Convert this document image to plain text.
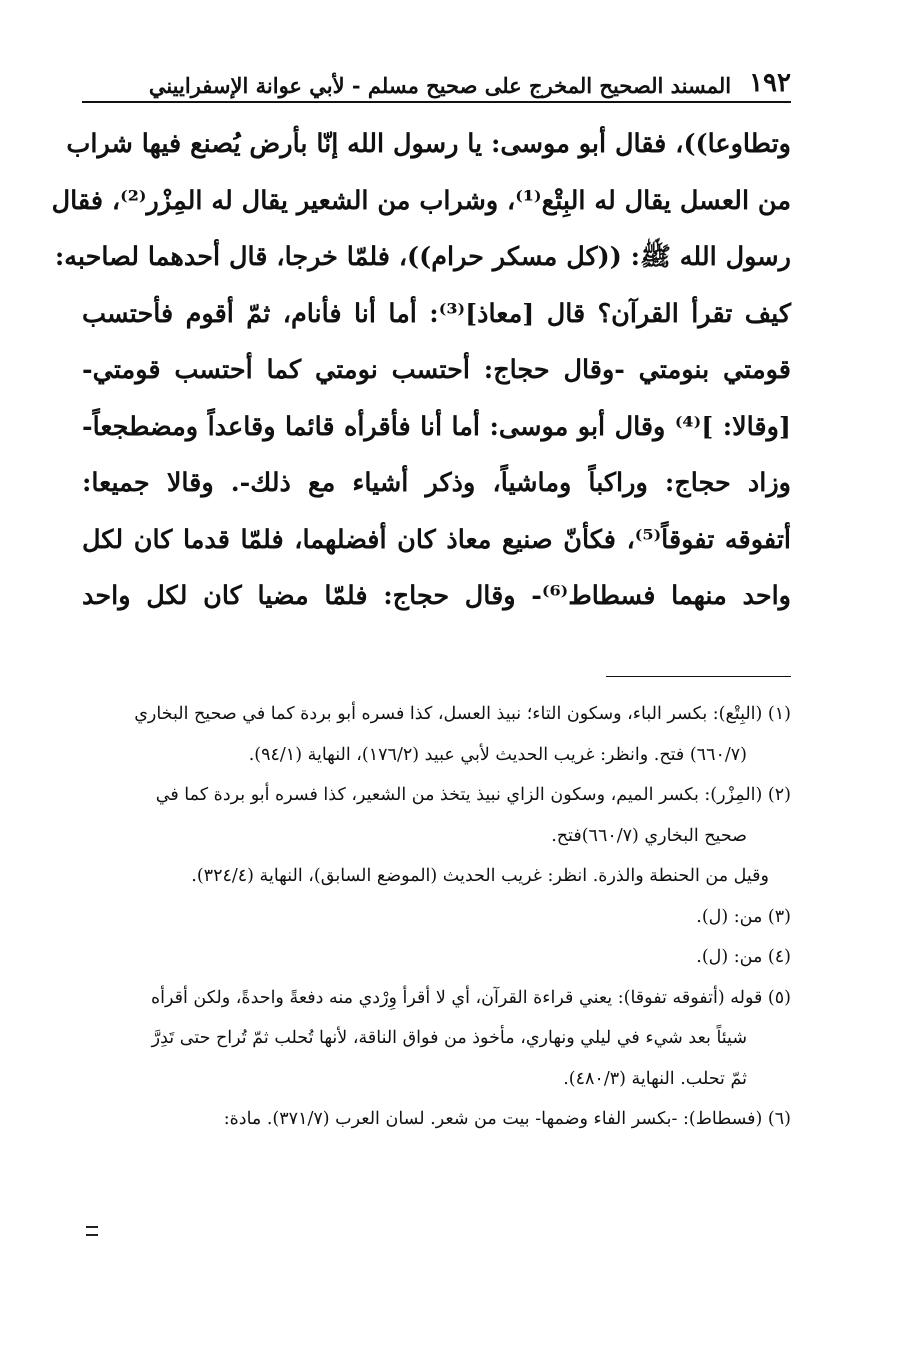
١٩٢
المسند الصحيح المخرج على صحيح مسلم - لأبي عوانة الإسفراييني
وتطاوعا))، فقال أبو موسى: يا رسول الله إنّا بأرض يُصنع فيها شراب
من العسل يقال له البِتْع⁽¹⁾، وشراب من الشعير يقال له المِزْر⁽²⁾، فقال
رسول الله ﷺ: ((كل مسكر حرام))، فلمّا خرجا، قال أحدهما لصاحبه:
كيف تقرأ القرآن؟ قال [معاذ]⁽³⁾: أما أنا فأنام، ثمّ أقوم فأحتسب
قومتي بنومتي -وقال حجاج: أحتسب نومتي كما أحتسب قومتي-
[وقالا: ]⁽⁴⁾ وقال أبو موسى: أما أنا فأقرأه قائما وقاعداً ومضطجعاً-
وزاد حجاج: وراكباً وماشياً، وذكر أشياء مع ذلك-. وقالا جميعا:
أتفوقه تفوقاً⁽⁵⁾، فكأنّ صنيع معاذ كان أفضلهما، فلمّا قدما كان لكل
واحد منهما فسطاط⁽⁶⁾- وقال حجاج: فلمّا مضيا كان لكل واحد
(١) (البِتْع): بكسر الباء، وسكون التاء؛ نبيذ العسل، كذا فسره أبو بردة كما في صحيح البخاري
(٦٦٠/٧) فتح. وانظر: غريب الحديث لأبي عبيد (١٧٦/٢)، النهاية (٩٤/١).
(٢) (المِزْر): بكسر الميم، وسكون الزاي نبيذ يتخذ من الشعير، كذا فسره أبو بردة كما في
صحيح البخاري (٦٦٠/٧)فتح.
وقيل من الحنطة والذرة. انظر: غريب الحديث (الموضع السابق)، النهاية (٣٢٤/٤).
(٣) من: (ل).
(٤) من: (ل).
(٥) قوله (أتفوقه تفوقا): يعني قراءة القرآن، أي لا أقرأ وِرْدي منه دفعةً واحدةً، ولكن أقرأه
شيئاً بعد شيء في ليلي ونهاري، مأخوذ من فواق الناقة، لأنها تُحلب ثمّ تُراح حتى تَدِرَّ
ثمّ تحلب. النهاية (٤٨٠/٣).
(٦) (فسطاط): -بكسر الفاء وضمها- بيت من شعر. لسان العرب (٣٧١/٧). مادة:
